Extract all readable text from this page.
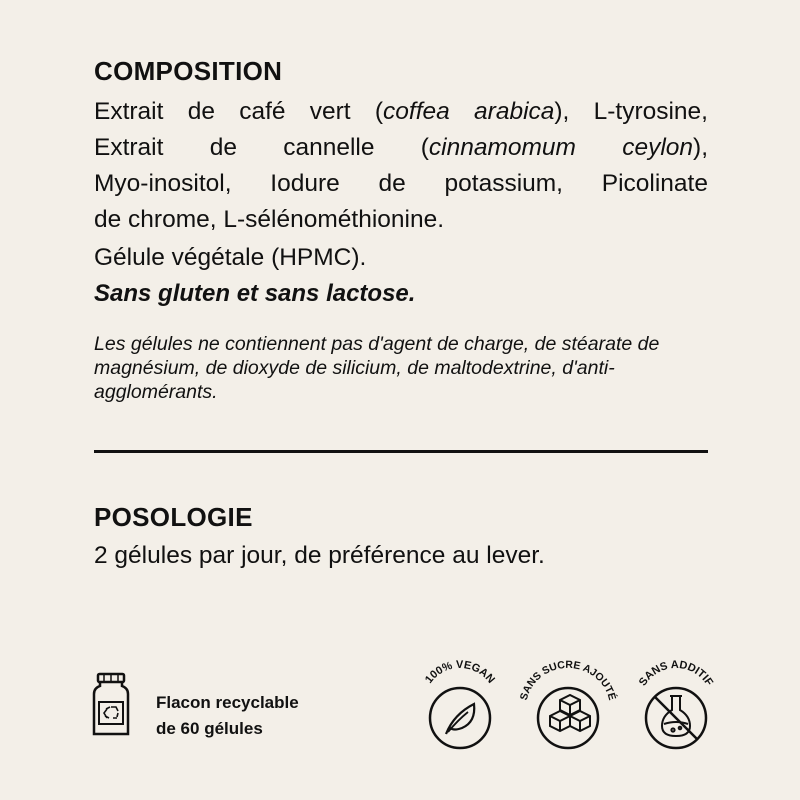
COMPOSITION
Extrait de café vert (coffea arabica), L-tyrosine,
Extrait de cannelle (cinnamomum ceylon),
Myo-inositol, Iodure de potassium, Picolinate
de chrome, L-sélénométhionine.

Gélule végétale (HPMC).

Sans gluten et sans lactose.

Les gélules ne contiennent pas d'agent de charge, de stéarate de magnésium, de dioxyde de silicium, de maltodextrine, d'anti-agglomérants.

POSOLOGIE

2 gélules par jour, de préférence au lever.

Flacon recyclable
de 60 gélules
100% VEGAN
SANS SUCRE AJOUTÉ
SANS ADDITIF
